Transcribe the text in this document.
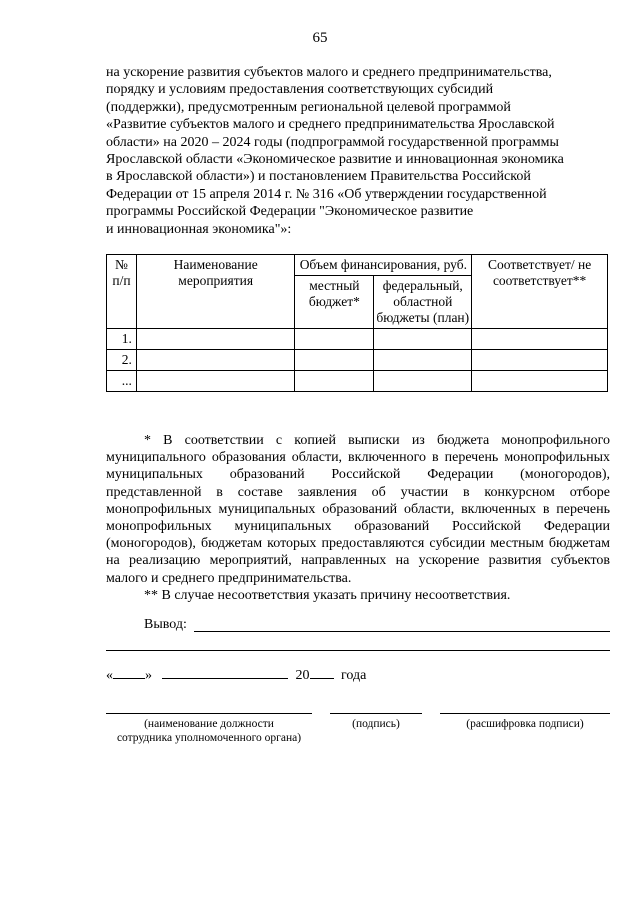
65
на ускорение развития субъектов малого и среднего предпринимательства,
порядку и условиям предоставления соответствующих субсидий
(поддержки), предусмотренным региональной целевой программой
«Развитие субъектов малого и среднего предпринимательства Ярославской
области» на 2020 – 2024 годы (подпрограммой государственной программы
Ярославской области «Экономическое развитие и инновационная экономика
в Ярославской области») и постановлением Правительства Российской
Федерации от 15 апреля 2014 г. № 316 «Об утверждении государственной
программы Российской Федерации "Экономическое развитие
и инновационная экономика"»:
№ п/п	Наименование мероприятия	Объем финансирования, руб.		Соответствует/ не соответствует**
		местный бюджет*	федеральный, областной бюджеты (план)	
1.				
2.				
...				

* В соответствии с копией выписки из бюджета монопрофильного муниципального образования области, включенного в перечень монопрофильных муниципальных образований Российской Федерации (моногородов), представленной в составе заявления об участии в конкурсном отборе монопрофильных муниципальных образований области, включенных в перечень монопрофильных муниципальных образований Российской Федерации (моногородов), бюджетам которых предоставляются субсидии местным бюджетам на реализацию мероприятий, направленных на ускорение развития субъектов малого и среднего предпринимательства.

** В случае несоответствия указать причину несоответствия.

Вывод:
« »	20 года
(наименование должности сотрудника уполномоченного органа)
(подпись)	(расшифровка подписи)
